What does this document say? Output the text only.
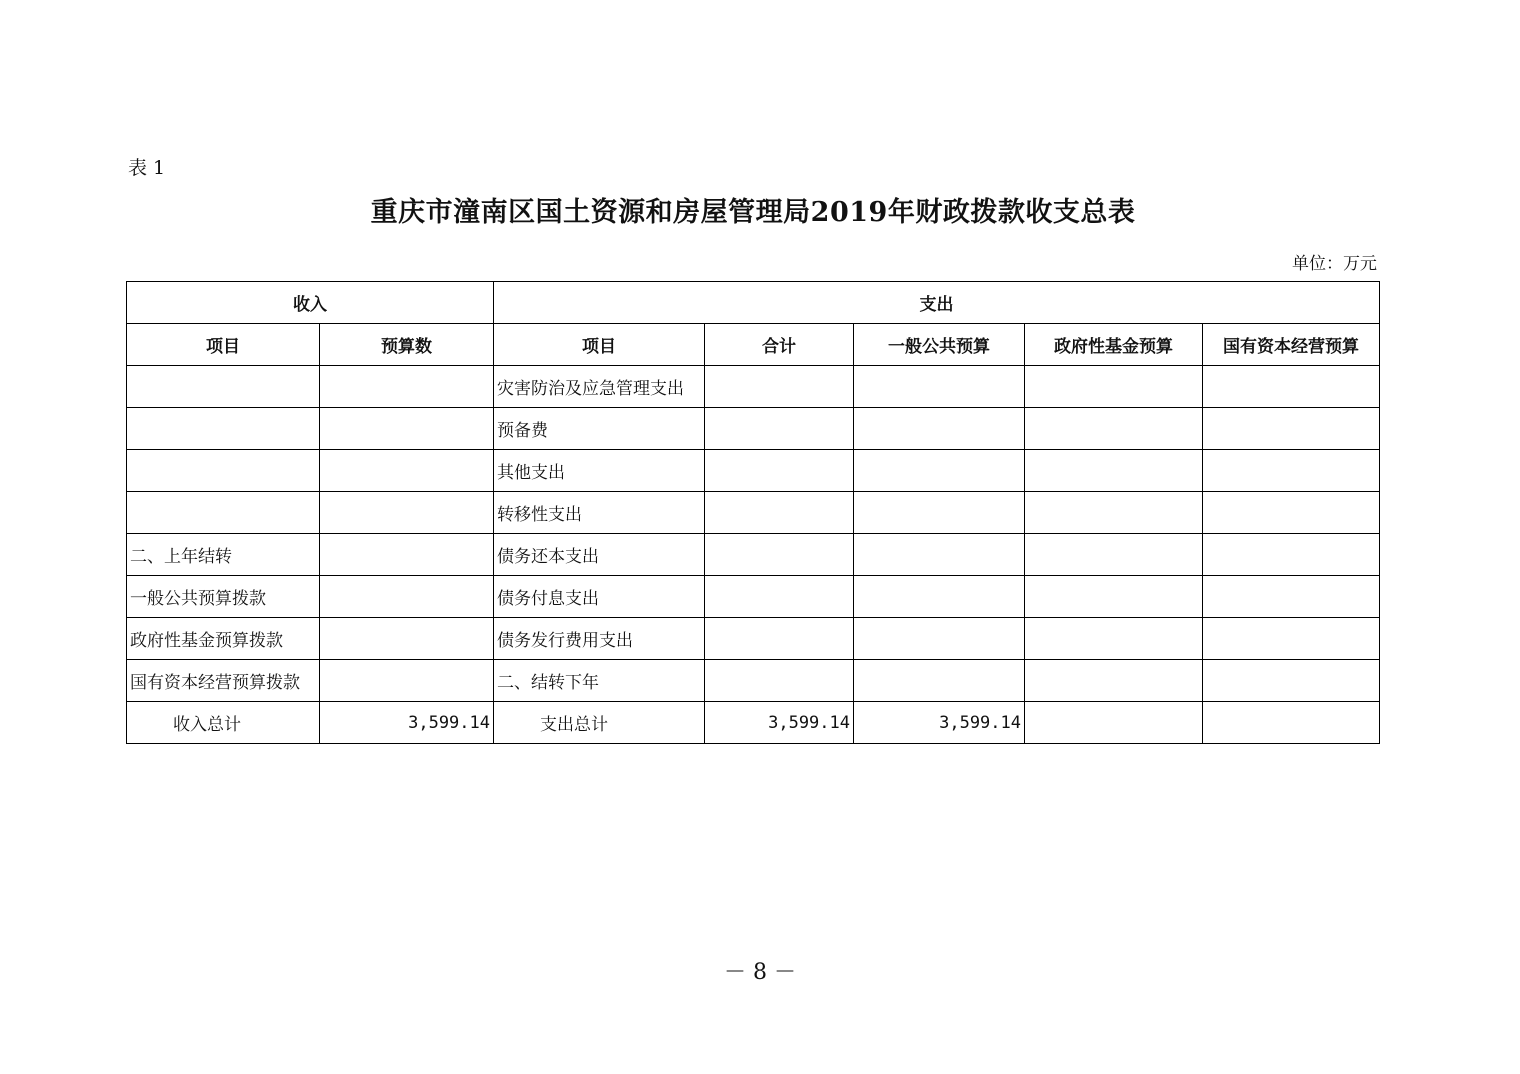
表 1
重庆市潼南区国土资源和房屋管理局2019年财政拨款收支总表
单位：万元
收入		支出				
项目	预算数	项目	合计	一般公共预算	政府性基金预算	国有资本经营预算
		灾害防治及应急管理支出				
		预备费				
		其他支出				
		转移性支出				
二、上年结转		债务还本支出				
一般公共预算拨款		债务付息支出				
政府性基金预算拨款		债务发行费用支出				
国有资本经营预算拨款		二、结转下年				
收入总计	3,599.14	支出总计	3,599.14	3,599.14		
－ 8 －
